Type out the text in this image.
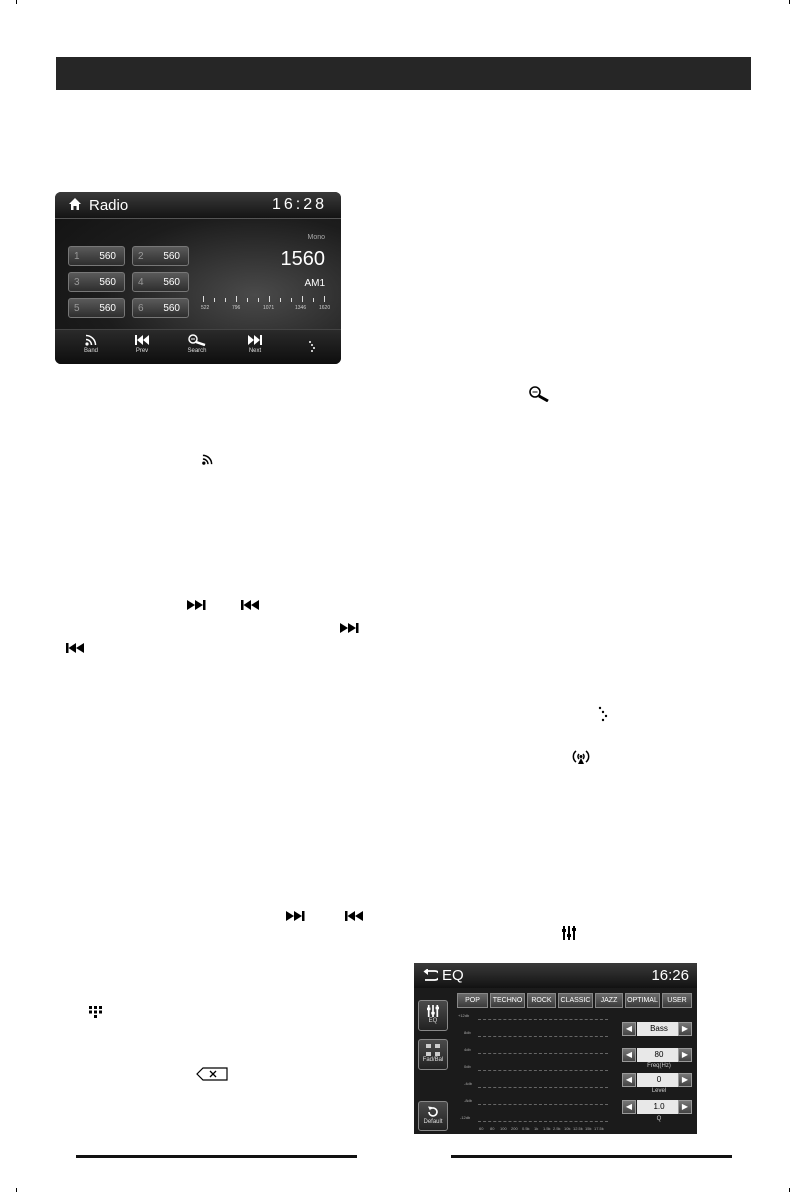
Radio	16:28
1 560 2 560
3 560 4 560
5 560 6 560
Mono
1560
AM1
522	796	1071	1346	1620
Band	Prev	Search	Next
EQ	16:26
EQ
Fad/Bal
Default
POP	TECHNO	ROCK	CLASSIC	JAZZ	OPTIMAL	USER
+12db
8db
4db
0db
-4db
-8db
-12db
60 80 100 200 0.5k 1k 1.5k 2.5k 10k 12.5k 15k 17.5k
◀	Bass	▶
◀	80	▶
Freq(Hz)
◀	0	▶
Level
◀	1.0	▶
Q
